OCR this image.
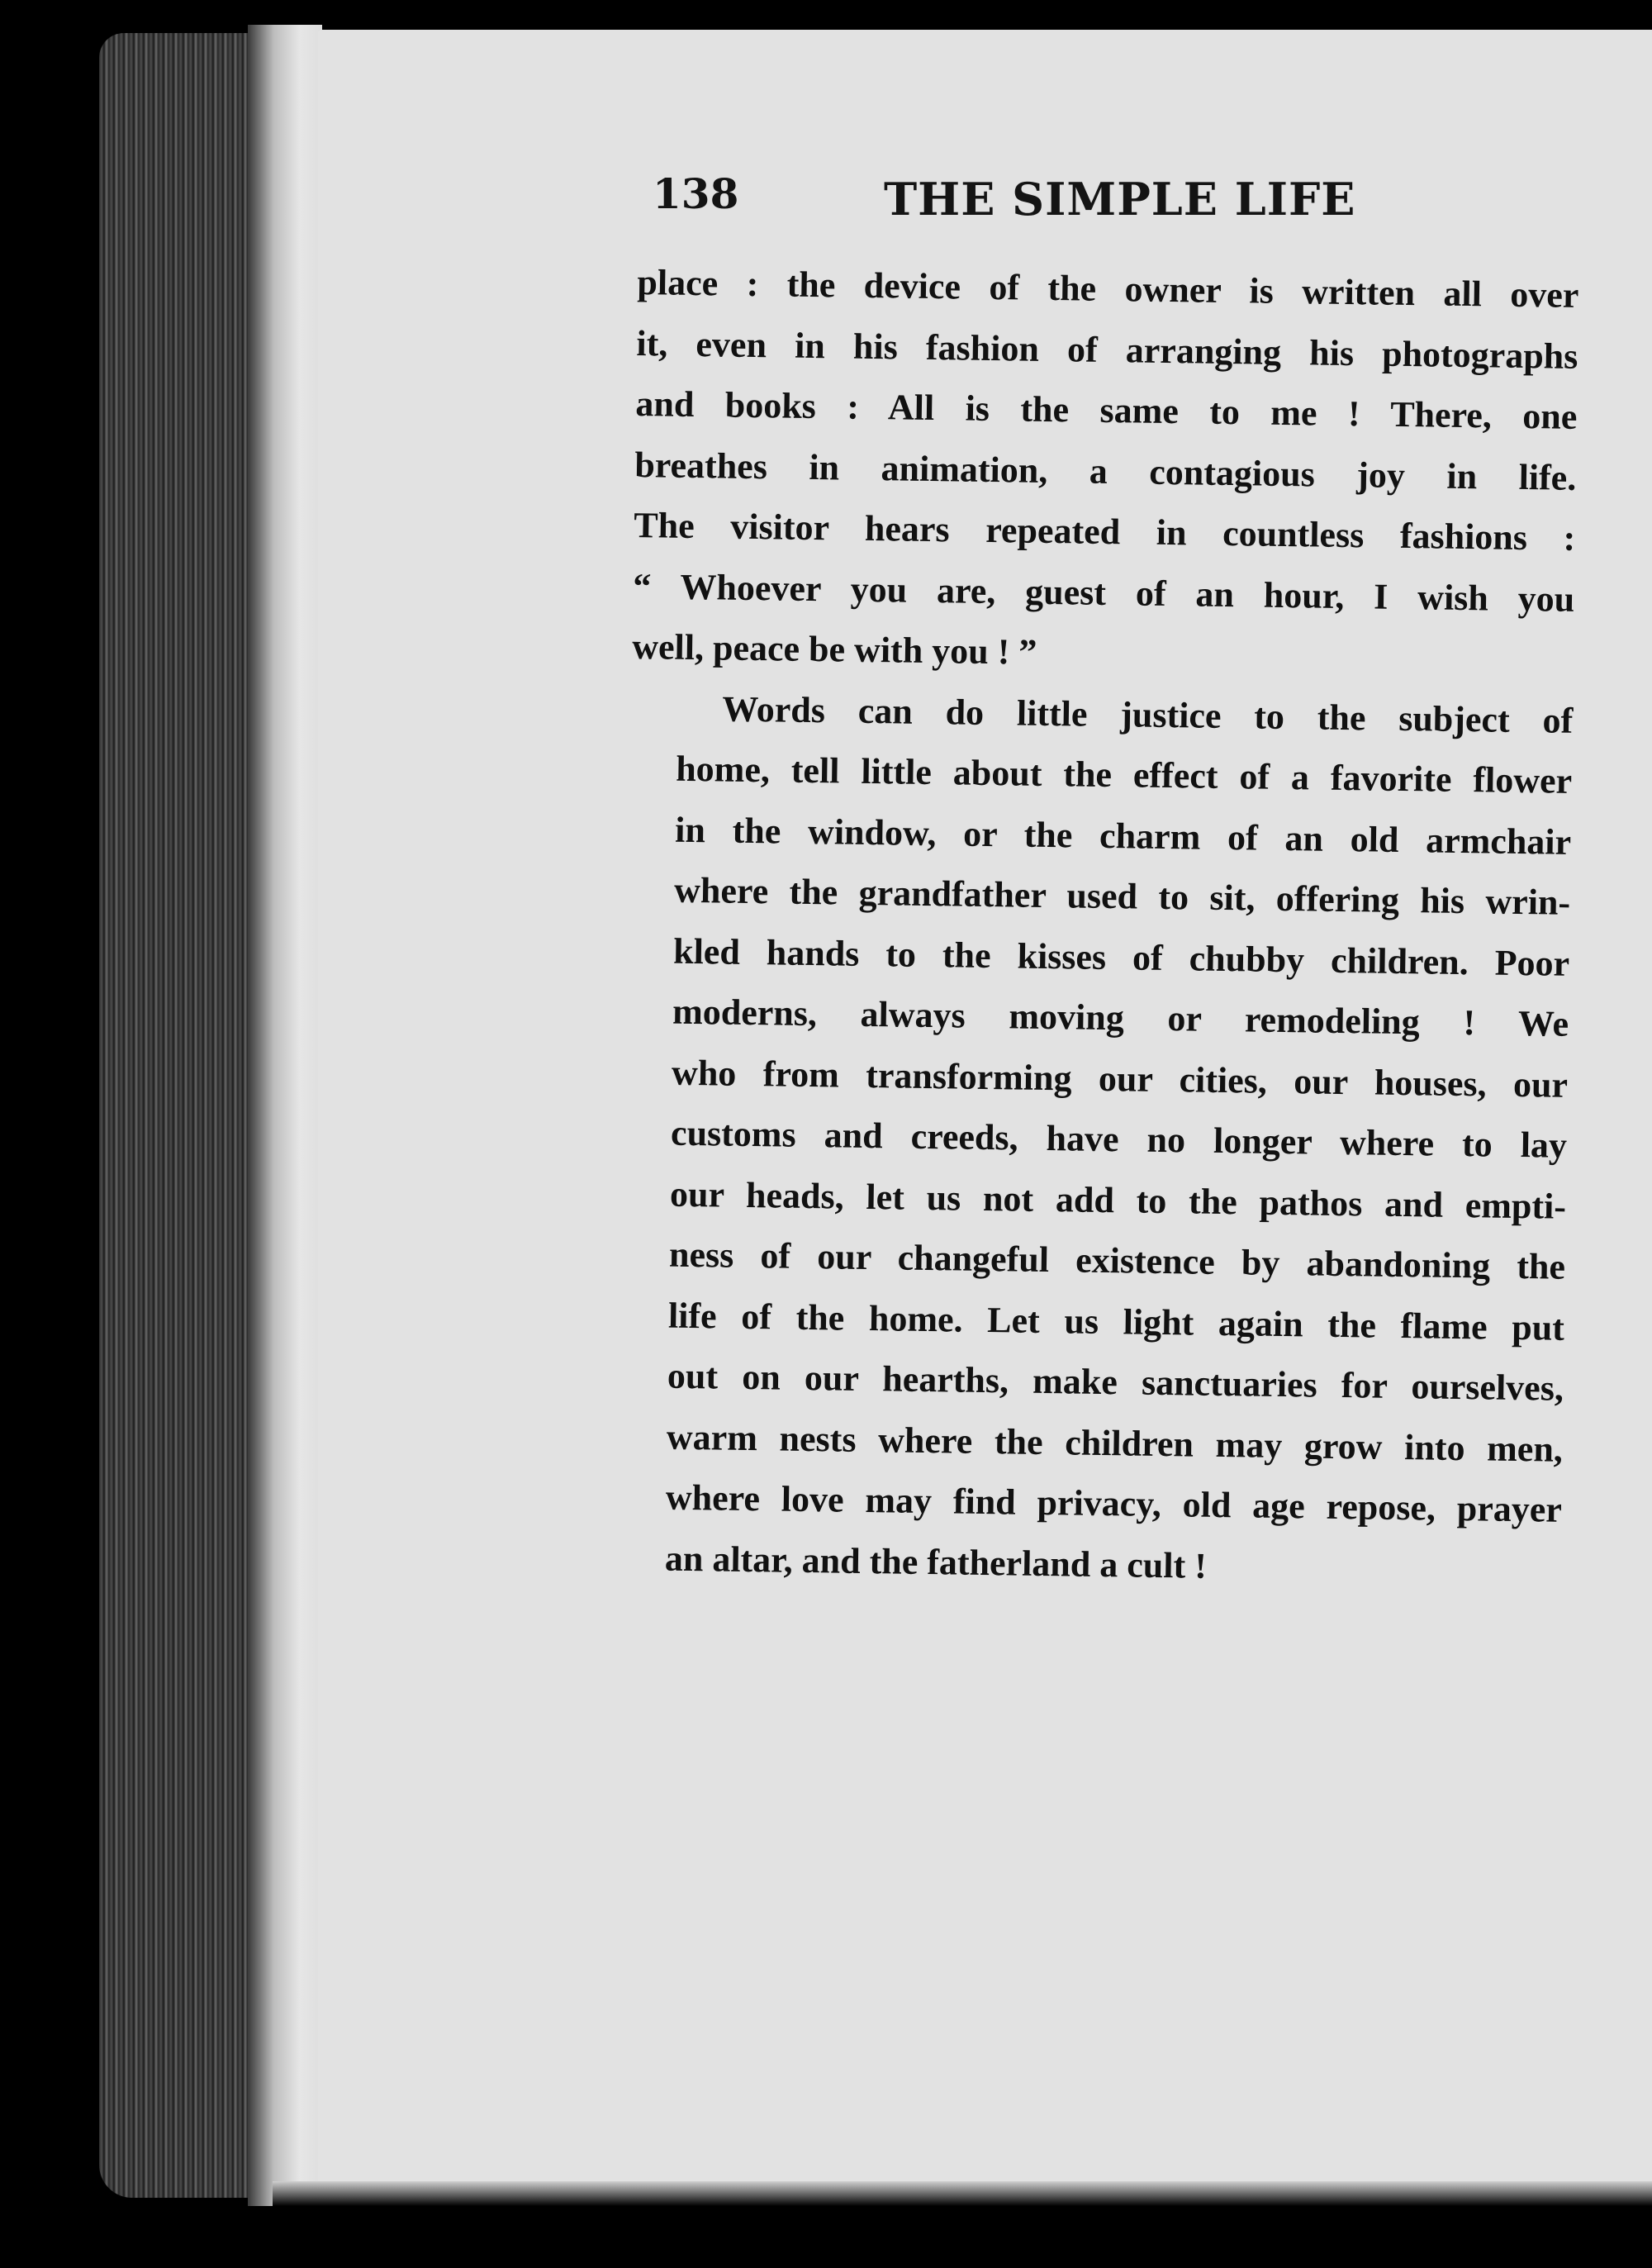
138	THE SIMPLE LIFE

place : the device of the owner is written all over
it, even in his fashion of arranging his photographs
and books : All is the same to me ! There, one
breathes in animation, a contagious joy in life.
The visitor hears repeated in countless fashions :
“ Whoever you are, guest of an hour, I wish you
well, peace be with you ! ”

Words can do little justice to the subject of
home, tell little about the effect of a favorite flower
in the window, or the charm of an old armchair
where the grandfather used to sit, offering his wrin-
kled hands to the kisses of chubby children. Poor
moderns, always moving or remodeling ! We
who from transforming our cities, our houses, our
customs and creeds, have no longer where to lay
our heads, let us not add to the pathos and empti-
ness of our changeful existence by abandoning the
life of the home. Let us light again the flame put
out on our hearths, make sanctuaries for ourselves,
warm nests where the children may grow into men,
where love may find privacy, old age repose, prayer
an altar, and the fatherland a cult !
